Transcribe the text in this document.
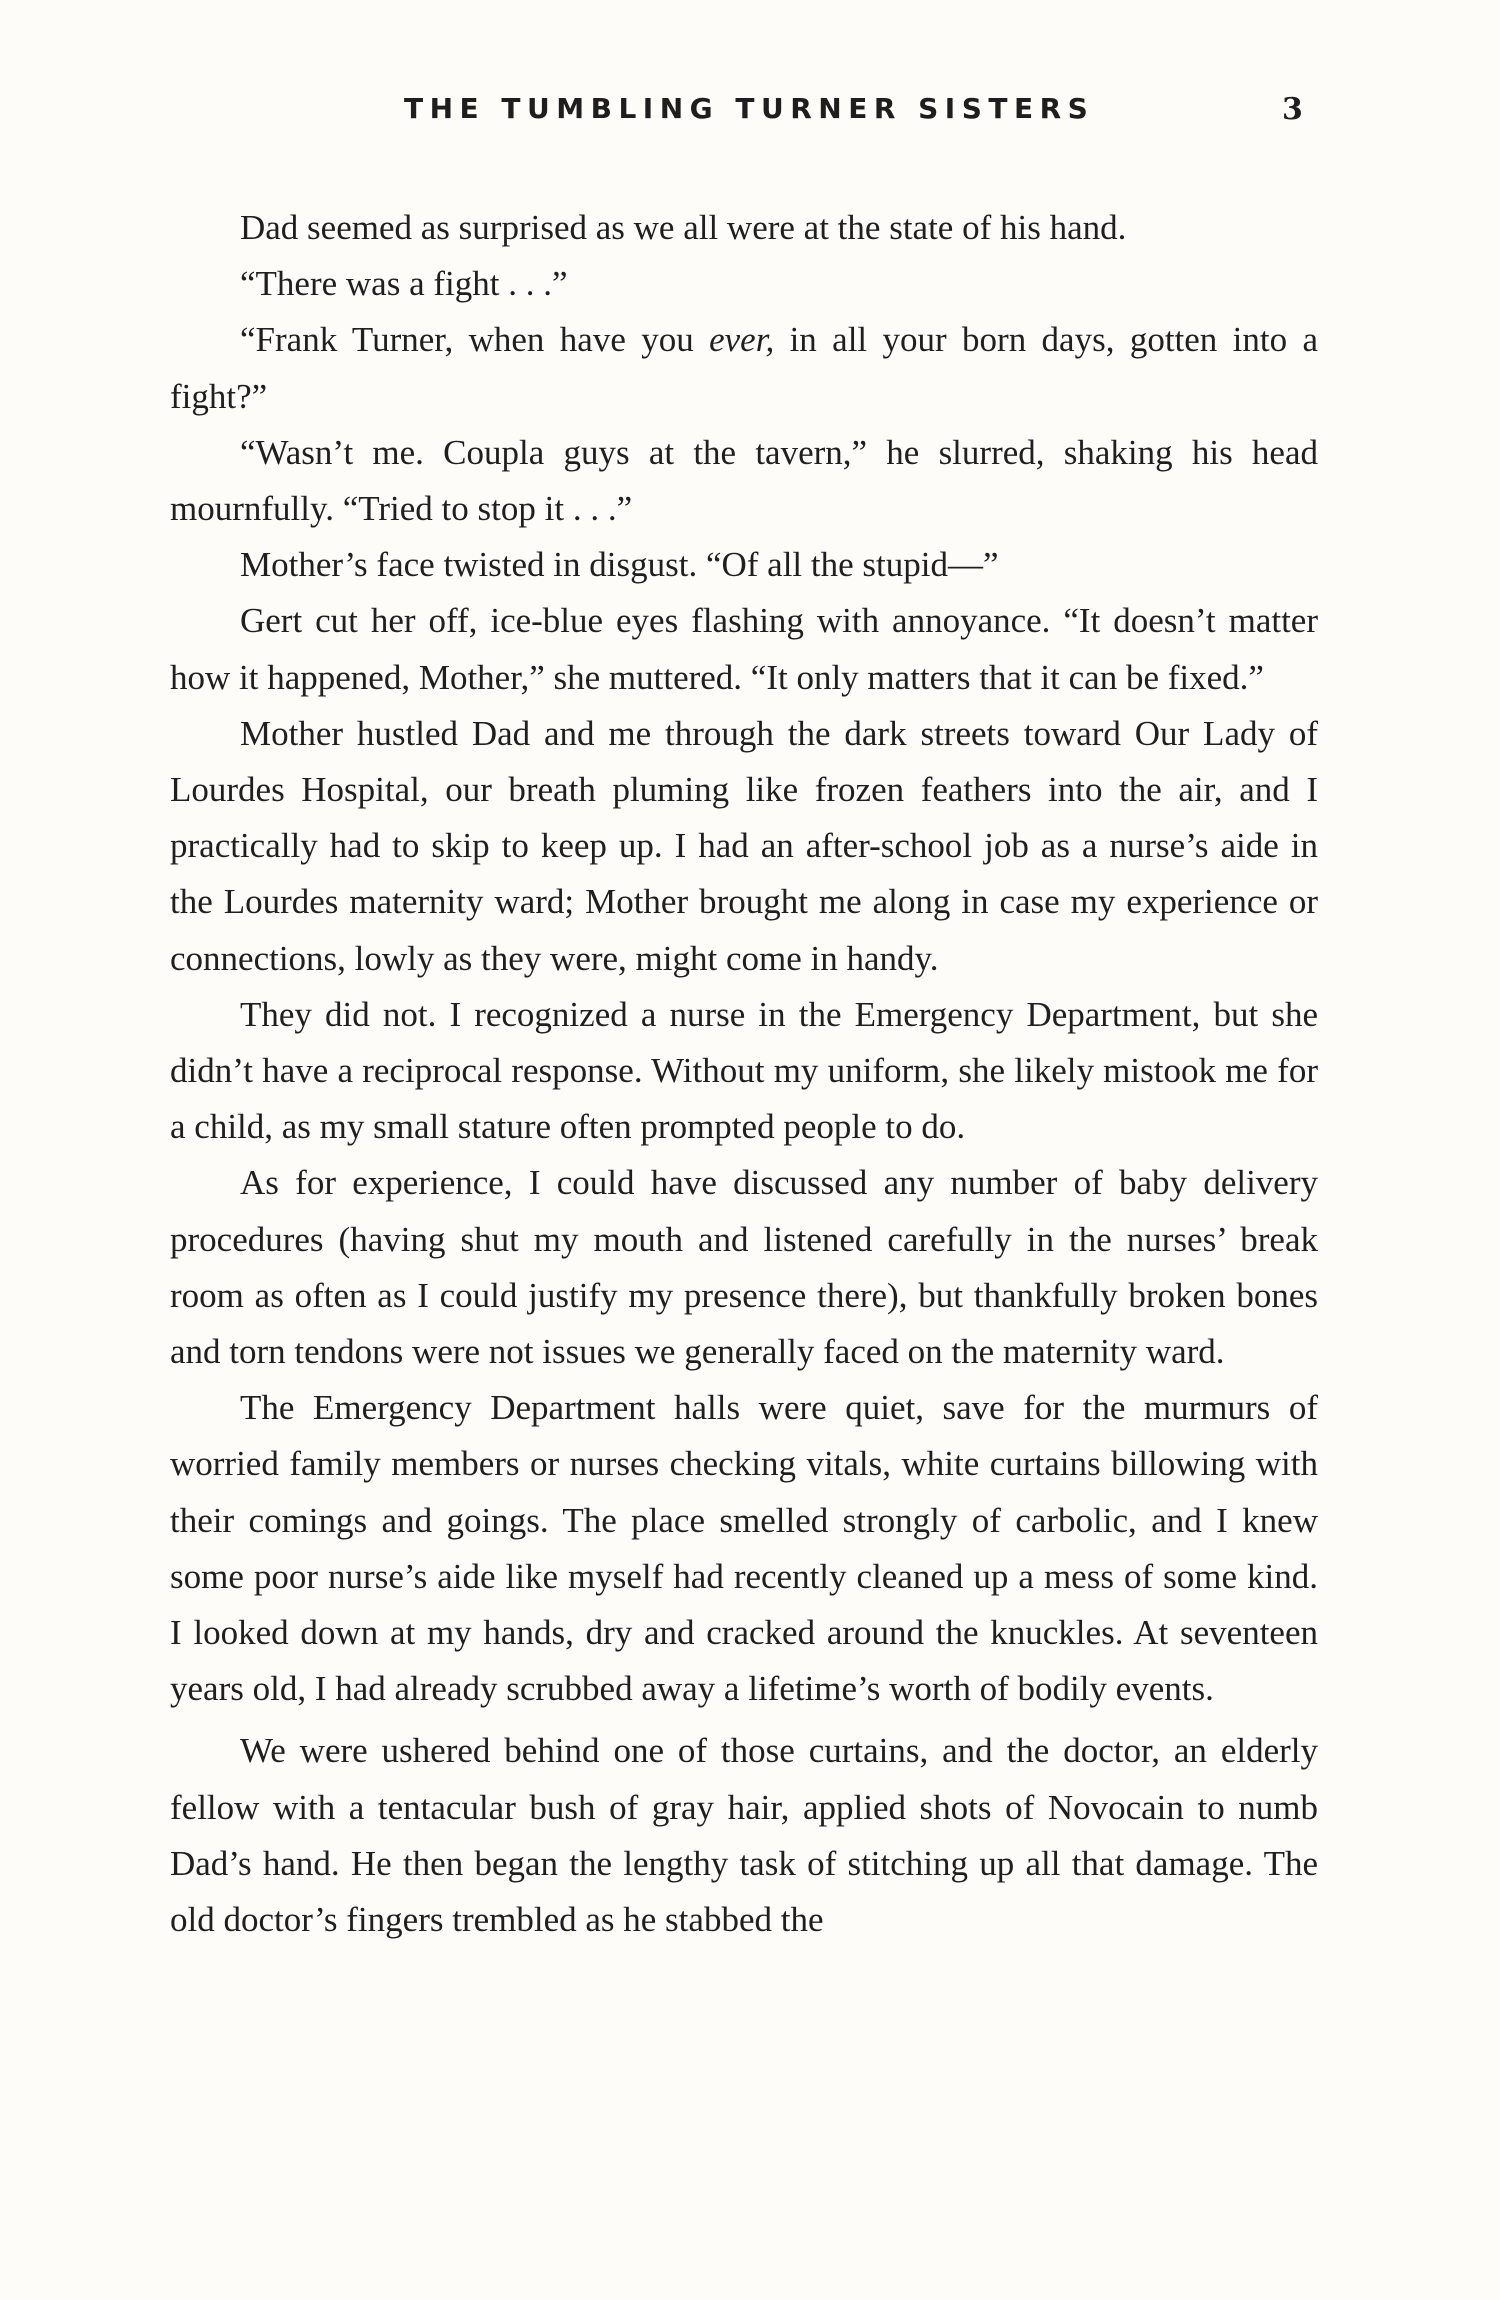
THE TUMBLING TURNER SISTERS	3

Dad seemed as surprised as we all were at the state of his hand.

“There was a fight . . .”

“Frank Turner, when have you ever, in all your born days, gotten into a fight?”

“Wasn’t me. Coupla guys at the tavern,” he slurred, shaking his head mournfully. “Tried to stop it . . .”

Mother’s face twisted in disgust. “Of all the stupid—”

Gert cut her off, ice-blue eyes flashing with annoyance. “It doesn’t matter how it happened, Mother,” she muttered. “It only matters that it can be fixed.”

Mother hustled Dad and me through the dark streets toward Our Lady of Lourdes Hospital, our breath pluming like frozen feathers into the air, and I practically had to skip to keep up. I had an after-school job as a nurse’s aide in the Lourdes maternity ward; Mother brought me along in case my experience or connections, lowly as they were, might come in handy.

They did not. I recognized a nurse in the Emergency Department, but she didn’t have a reciprocal response. Without my uniform, she likely mistook me for a child, as my small stature often prompted people to do.

As for experience, I could have discussed any number of baby delivery procedures (having shut my mouth and listened carefully in the nurses’ break room as often as I could justify my presence there), but thankfully broken bones and torn tendons were not issues we generally faced on the maternity ward.

The Emergency Department halls were quiet, save for the murmurs of worried family members or nurses checking vitals, white curtains billowing with their comings and goings. The place smelled strongly of carbolic, and I knew some poor nurse’s aide like myself had recently cleaned up a mess of some kind. I looked down at my hands, dry and cracked around the knuckles. At seventeen years old, I had already scrubbed away a lifetime’s worth of bodily events.

We were ushered behind one of those curtains, and the doctor, an elderly fellow with a tentacular bush of gray hair, applied shots of Novocain to numb Dad’s hand. He then began the lengthy task of stitching up all that damage. The old doctor’s fingers trembled as he stabbed the
